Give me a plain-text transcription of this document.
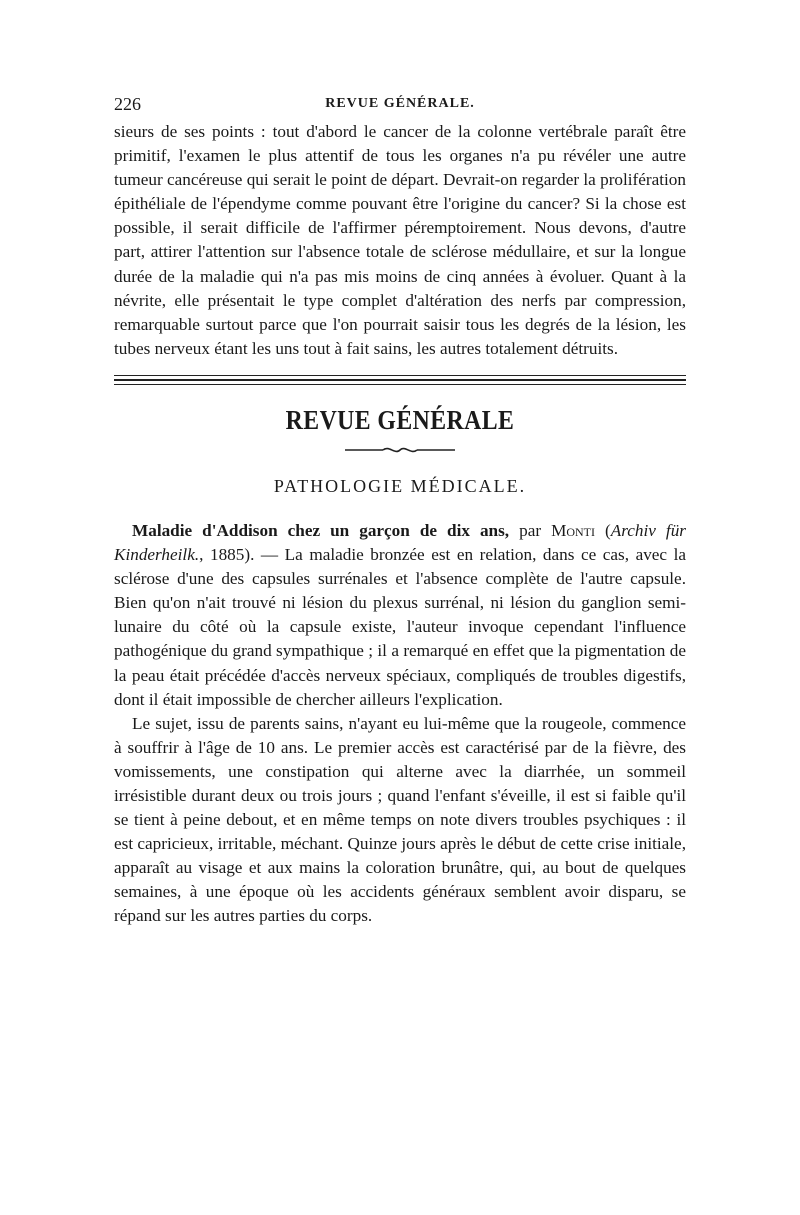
226	REVUE GÉNÉRALE.

sieurs de ses points : tout d'abord le cancer de la colonne vertébrale paraît être primitif, l'examen le plus attentif de tous les organes n'a pu révéler une autre tumeur cancéreuse qui serait le point de départ. Devrait-on regarder la prolifération épithéliale de l'épendyme comme pouvant être l'origine du cancer? Si la chose est possible, il serait difficile de l'affirmer péremptoirement. Nous devons, d'autre part, attirer l'attention sur l'absence totale de sclérose médullaire, et sur la longue durée de la maladie qui n'a pas mis moins de cinq années à évoluer. Quant à la névrite, elle présentait le type complet d'altération des nerfs par compression, remarquable surtout parce que l'on pourrait saisir tous les degrés de la lésion, les tubes nerveux étant les uns tout à fait sains, les autres totalement détruits.

REVUE GÉNÉRALE
PATHOLOGIE MÉDICALE.

Maladie d'Addison chez un garçon de dix ans, par Monti (Archiv für Kinderheilk., 1885). — La maladie bronzée est en relation, dans ce cas, avec la sclérose d'une des capsules surrénales et l'absence complète de l'autre capsule. Bien qu'on n'ait trouvé ni lésion du plexus surrénal, ni lésion du ganglion semi-lunaire du côté où la capsule existe, l'auteur invoque cependant l'influence pathogénique du grand sympathique ; il a remarqué en effet que la pigmentation de la peau était précédée d'accès nerveux spéciaux, compliqués de troubles digestifs, dont il était impossible de chercher ailleurs l'explication.

Le sujet, issu de parents sains, n'ayant eu lui-même que la rougeole, commence à souffrir à l'âge de 10 ans. Le premier accès est caractérisé par de la fièvre, des vomissements, une constipation qui alterne avec la diarrhée, un sommeil irrésistible durant deux ou trois jours ; quand l'enfant s'éveille, il est si faible qu'il se tient à peine debout, et en même temps on note divers troubles psychiques : il est capricieux, irritable, méchant. Quinze jours après le début de cette crise initiale, apparaît au visage et aux mains la coloration brunâtre, qui, au bout de quelques semaines, à une époque où les accidents généraux semblent avoir disparu, se répand sur les autres parties du corps.
